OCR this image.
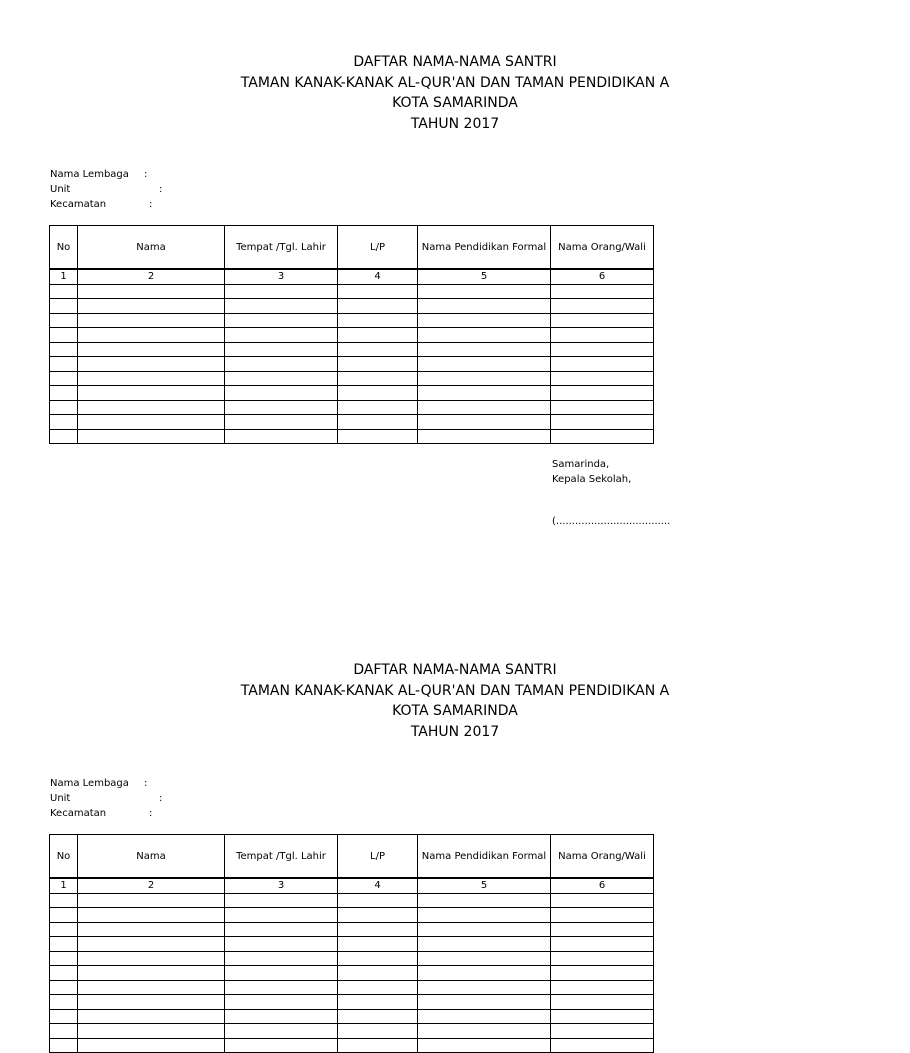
DAFTAR NAMA-NAMA SANTRI
TAMAN KANAK-KANAK AL-QUR'AN DAN TAMAN PENDIDIKAN A
KOTA SAMARINDA
TAHUN 2017
Nama Lembaga :
Unit	:
Kecamatan	:
No	Nama	Tempat /Tgl. Lahir	L/P	Nama Pendidikan Formal	Nama Orang/Wali
1	2	3	4	5	6

Samarinda,
Kepala Sekolah,
(....................................
DAFTAR NAMA-NAMA SANTRI
TAMAN KANAK-KANAK AL-QUR'AN DAN TAMAN PENDIDIKAN A
KOTA SAMARINDA
TAHUN 2017
Nama Lembaga :
Unit	:
Kecamatan	:
No	Nama	Tempat /Tgl. Lahir	L/P	Nama Pendidikan Formal	Nama Orang/Wali
1	2	3	4	5	6
